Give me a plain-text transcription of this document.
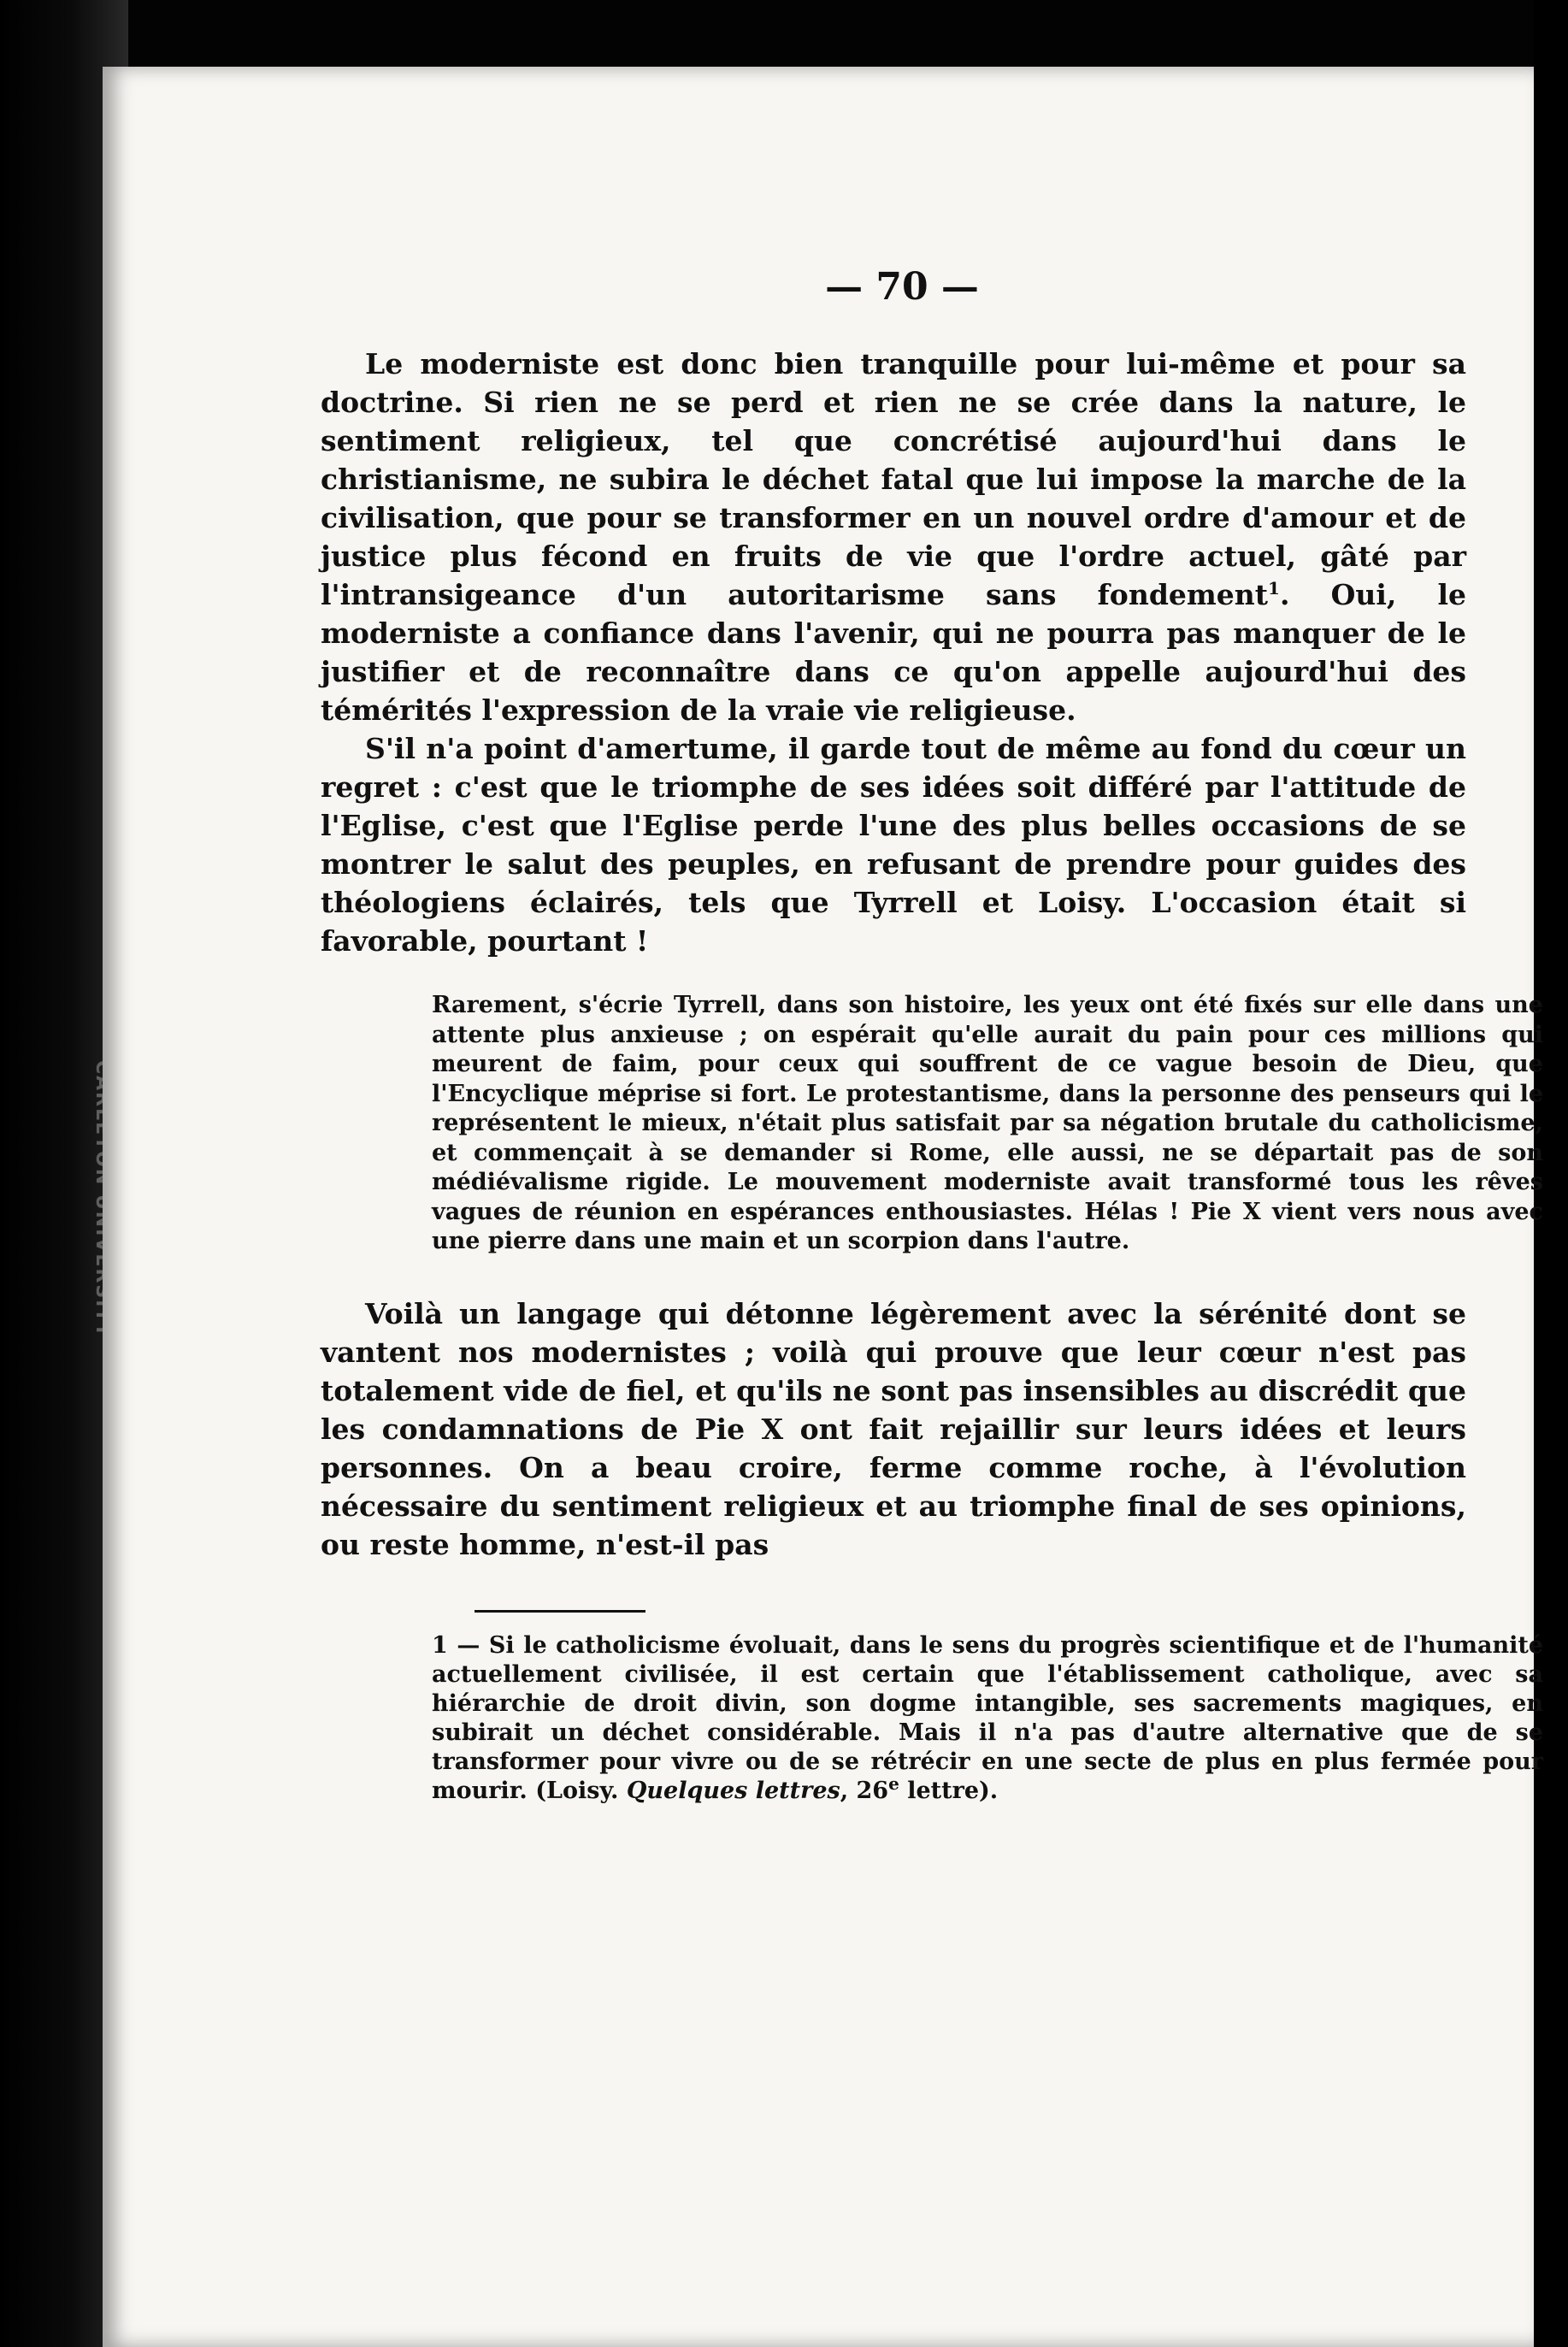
— 70 —

Le moderniste est donc bien tranquille pour lui-même et pour sa doctrine. Si rien ne se perd et rien ne se crée dans la nature, le sentiment religieux, tel que concrétisé aujourd'hui dans le christianisme, ne subira le déchet fatal que lui impose la marche de la civilisation, que pour se transformer en un nouvel ordre d'amour et de justice plus fécond en fruits de vie que l'ordre actuel, gâté par l'intransigeance d'un autoritarisme sans fondement$^1$. Oui, le moderniste a confiance dans l'avenir, qui ne pourra pas manquer de le justifier et de reconnaître dans ce qu'on appelle aujourd'hui des témérités l'expression de la vraie vie religieuse.

S'il n'a point d'amertume, il garde tout de même au fond du cœur un regret : c'est que le triomphe de ses idées soit différé par l'attitude de l'Eglise, c'est que l'Eglise perde l'une des plus belles occasions de se montrer le salut des peuples, en refusant de prendre pour guides des théologiens éclairés, tels que Tyrrell et Loisy. L'occasion était si favorable, pourtant !

Rarement, s'écrie Tyrrell, dans son histoire, les yeux ont été fixés sur elle dans une attente plus anxieuse ; on espérait qu'elle aurait du pain pour ces millions qui meurent de faim, pour ceux qui souffrent de ce vague besoin de Dieu, que l'Encyclique méprise si fort. Le protestantisme, dans la personne des penseurs qui le représentent le mieux, n'était plus satisfait par sa négation brutale du catholicisme, et commençait à se demander si Rome, elle aussi, ne se départait pas de son médiévalisme rigide. Le mouvement moderniste avait transformé tous les rêves vagues de réunion en espérances enthousiastes. Hélas ! Pie X vient vers nous avec une pierre dans une main et un scorpion dans l'autre.

Voilà un langage qui détonne légèrement avec la sérénité dont se vantent nos modernistes ; voilà qui prouve que leur cœur n'est pas totalement vide de fiel, et qu'ils ne sont pas insensibles au discrédit que les condamnations de Pie X ont fait rejaillir sur leurs idées et leurs personnes. On a beau croire, ferme comme roche, à l'évolution nécessaire du sentiment religieux et au triomphe final de ses opinions, ou reste homme, n'est-il pas

1 — Si le catholicisme évoluait, dans le sens du progrès scientifique et de l'humanité actuellement civilisée, il est certain que l'établissement catholique, avec sa hiérarchie de droit divin, son dogme intangible, ses sacrements magiques, en subirait un déchet considérable. Mais il n'a pas d'autre alternative que de se transformer pour vivre ou de se rétrécir en une secte de plus en plus fermée pour mourir. (Loisy. Quelques lettres, 26e lettre).
